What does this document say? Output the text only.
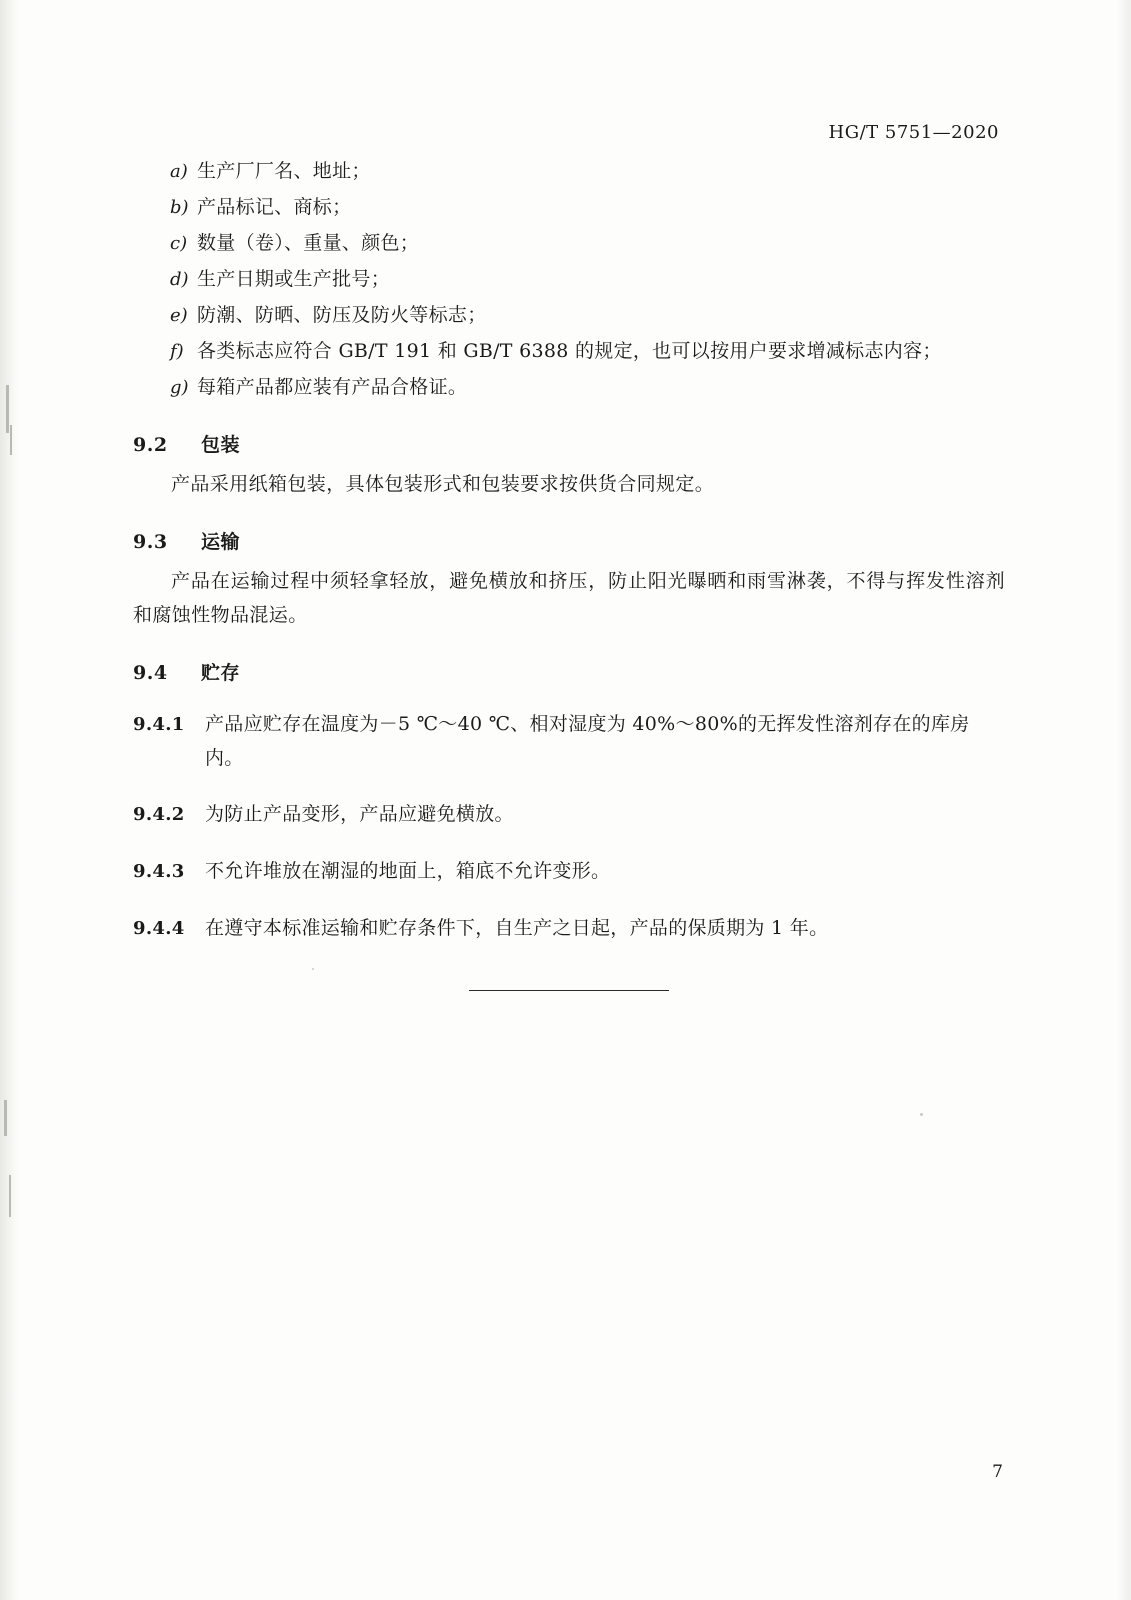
HG/T 5751—2020
a) 生产厂厂名、地址；
b) 产品标记、商标；
c) 数量（卷）、重量、颜色；
d) 生产日期或生产批号；
e) 防潮、防晒、防压及防火等标志；
f) 各类标志应符合 GB/T 191 和 GB/T 6388 的规定，也可以按用户要求增减标志内容；
g) 每箱产品都应装有产品合格证。
9.2 包装

产品采用纸箱包装，具体包装形式和包装要求按供货合同规定。

9.3 运输

产品在运输过程中须轻拿轻放，避免横放和挤压，防止阳光曝晒和雨雪淋袭，不得与挥发性溶剂和腐蚀性物品混运。

9.4 贮存
9.4.1	产品应贮存在温度为－5 ℃～40 ℃、相对湿度为 40%～80%的无挥发性溶剂存在的库房内。
9.4.2	为防止产品变形，产品应避免横放。
9.4.3	不允许堆放在潮湿的地面上，箱底不允许变形。
9.4.4	在遵守本标准运输和贮存条件下，自生产之日起，产品的保质期为 1 年。
7
